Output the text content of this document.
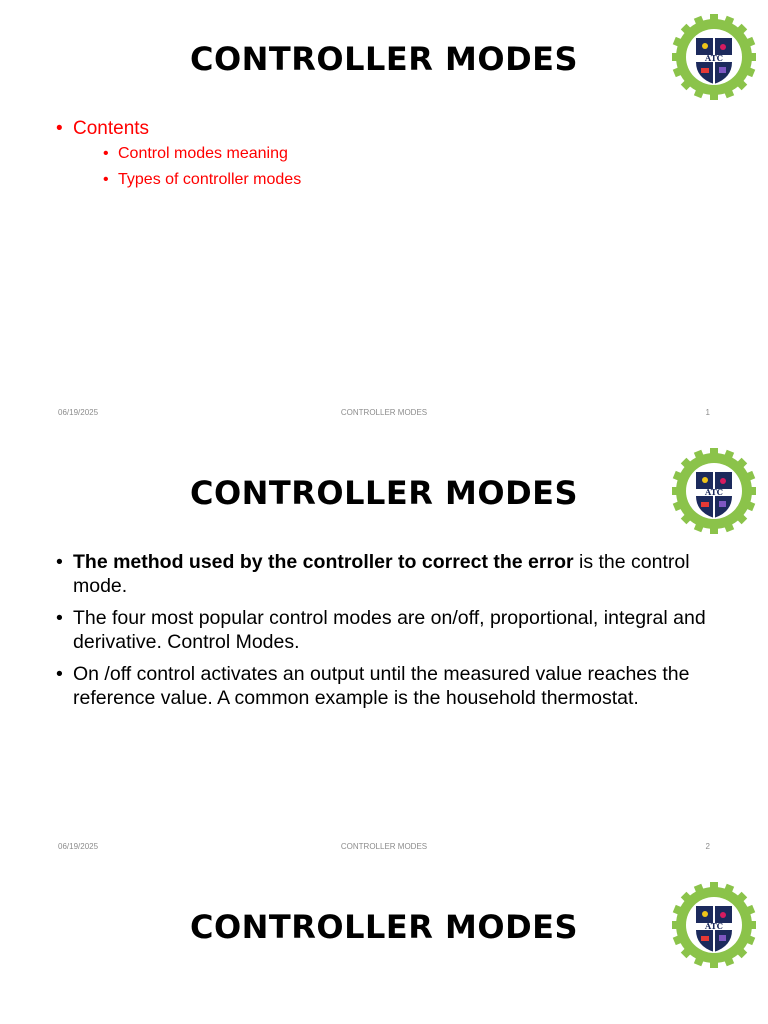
CONTROLLER MODES	ATC
• Contents
• Control modes meaning
• Types of controller modes
06/19/2025	CONTROLLER MODES	1
CONTROLLER MODES	ATC
• The method used by the controller to correct the error is the control mode.
• The four most popular control modes are on/off, proportional, integral and derivative. Control Modes.
• On /off control activates an output until the measured value reaches the reference value. A common example is the household thermostat.
06/19/2025	CONTROLLER MODES	2
CONTROLLER MODES	ATC
